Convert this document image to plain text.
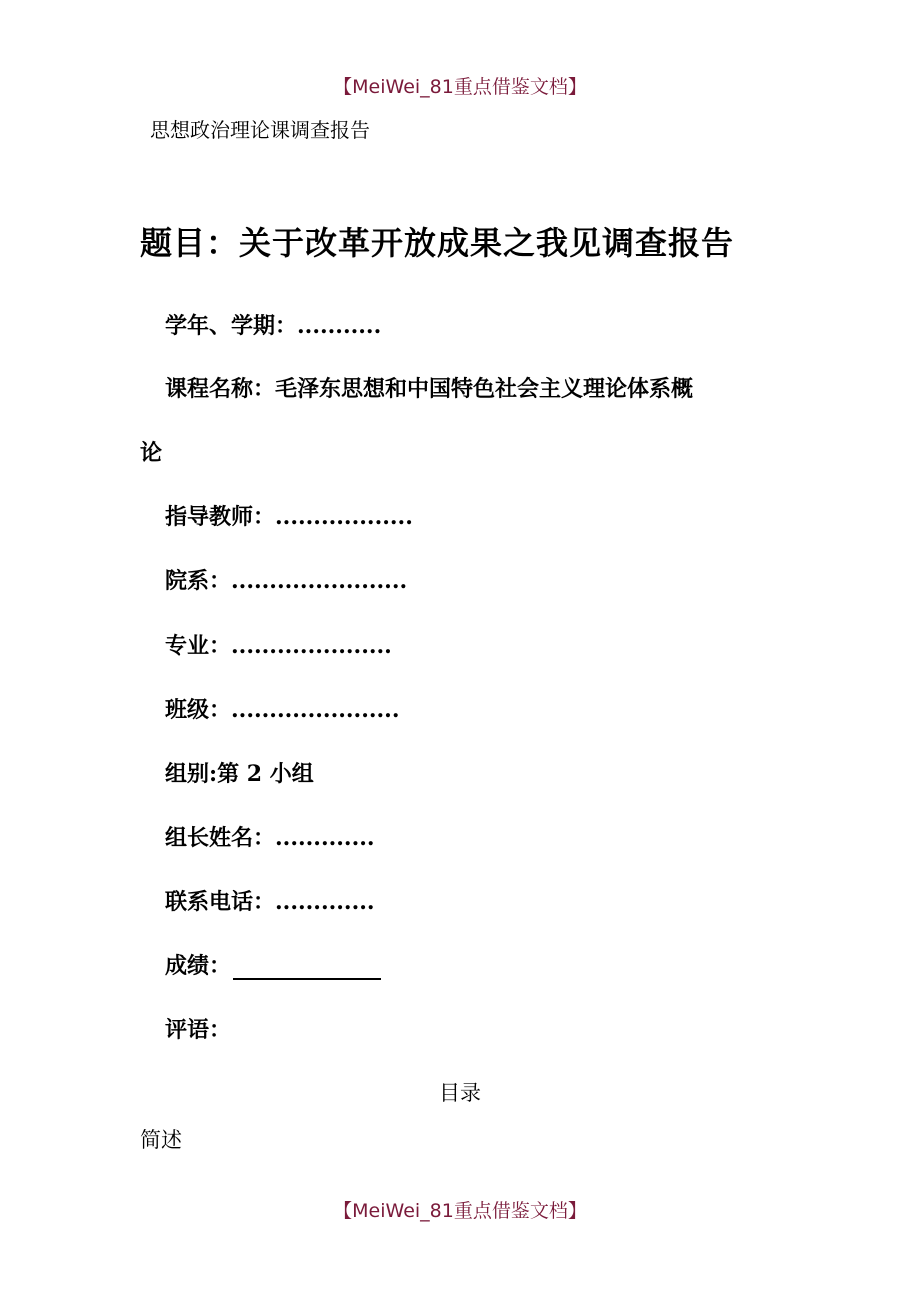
【MeiWei_81重点借鉴文档】
思想政治理论课调查报告
题目：关于改革开放成果之我见调查报告
学年、学期：...........
课程名称：毛泽东思想和中国特色社会主义理论体系概
论
指导教师：..................
院系：.......................
专业：.....................
班级：......................
组别:第 2 小组
组长姓名：.............
联系电话：.............
成绩：
评语：
目录
简述
【MeiWei_81重点借鉴文档】
